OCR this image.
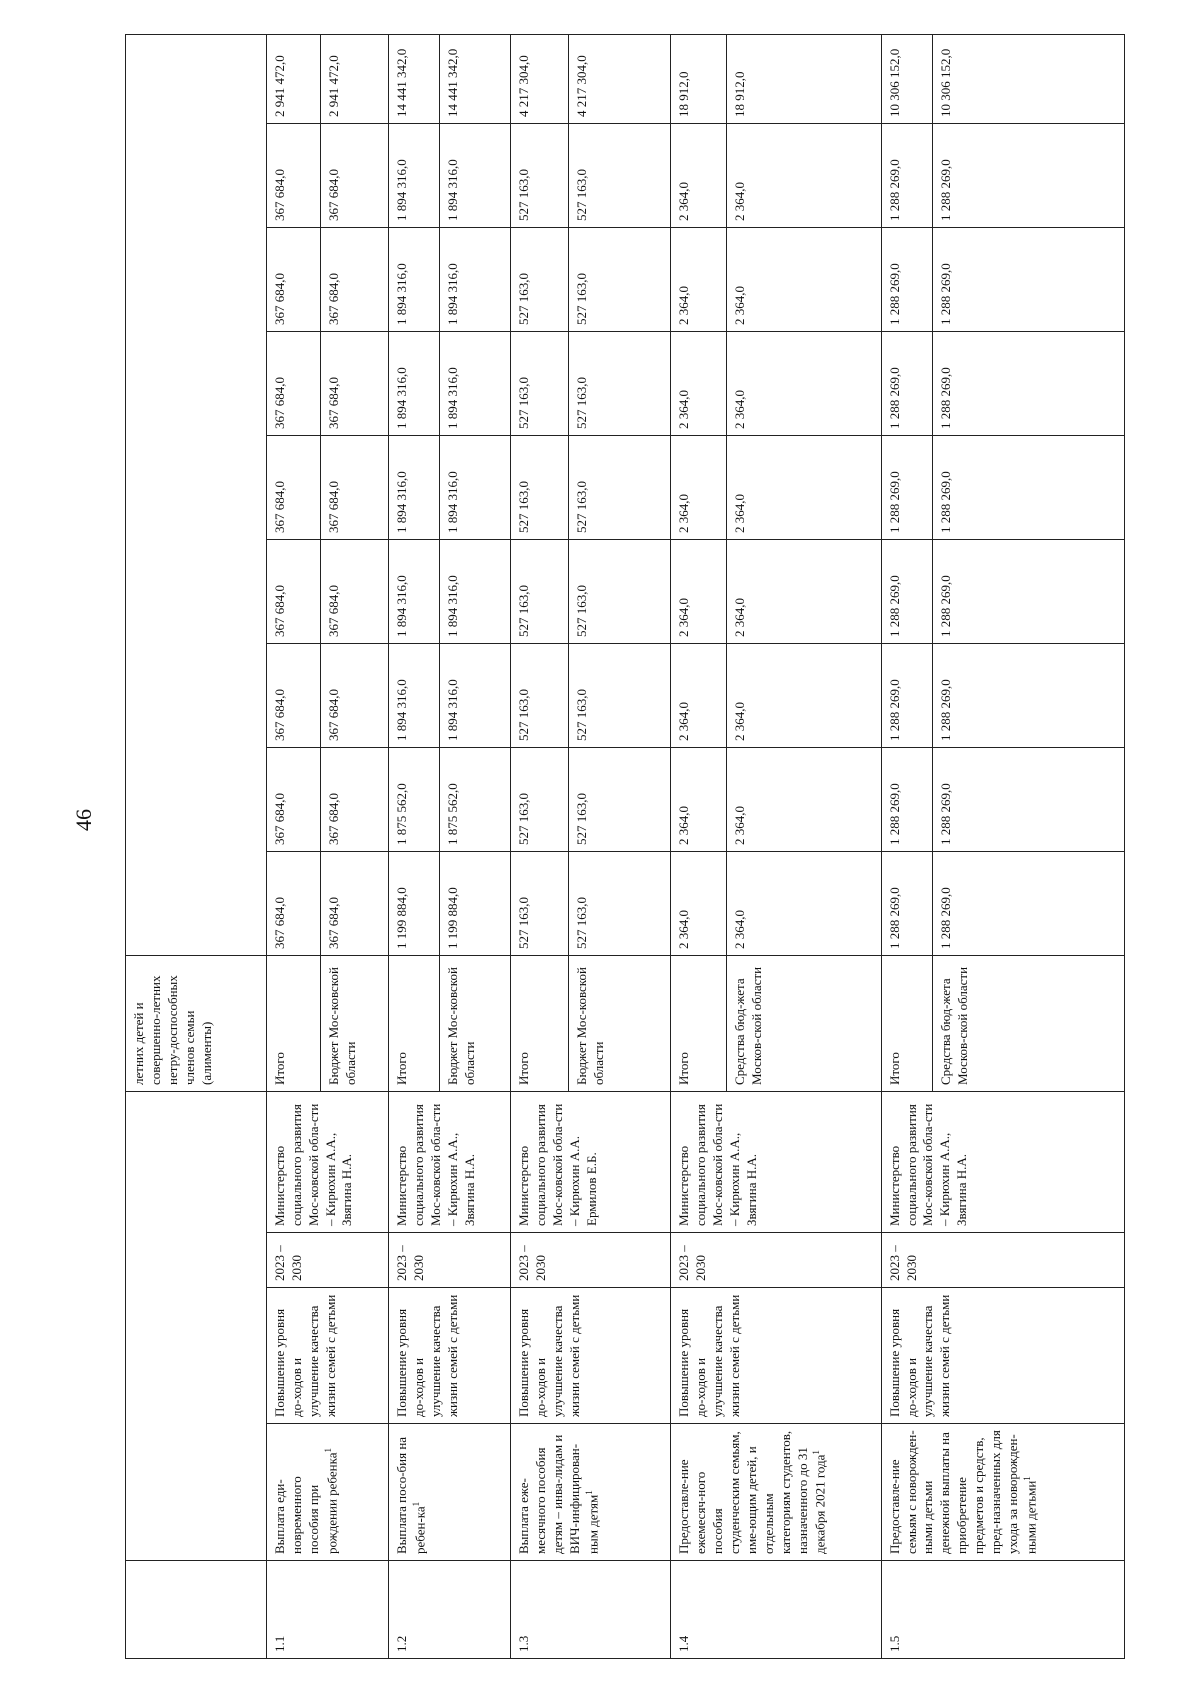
46
					летних детей и совершенно-летних нетру-доспособных членов семьи (алименты)									
1.1	Выплата еди-новременного пособия при рождении ребенка$^1$	Повышение уровня до-ходов и улучшение качества жизни семей с детьми	2023 – 2030	Министерство социального развития Мос-ковской обла-сти – Кирюхин А.А., Звягина Н.А.	Итого	367 684,0	367 684,0	367 684,0	367 684,0	367 684,0	367 684,0	367 684,0	367 684,0	2 941 472,0
					Бюджет Мос-ковской области	367 684,0	367 684,0	367 684,0	367 684,0	367 684,0	367 684,0	367 684,0	367 684,0	2 941 472,0
1.2	Выплата посо-бия на ребен-$ка^1$	Повышение уровня до-ходов и улучшение качества жизни семей с детьми	2023 – 2030	Министерство социального развития Мос-ковской обла-сти – Кирюхин А.А., Звягина Н.А.	Итого	1 199 884,0	1 875 562,0	1 894 316,0	1 894 316,0	1 894 316,0	1 894 316,0	1 894 316,0	1 894 316,0	14 441 342,0
					Бюджет Мос-ковской области	1 199 884,0	1 875 562,0	1 894 316,0	1 894 316,0	1 894 316,0	1 894 316,0	1 894 316,0	1 894 316,0	14 441 342,0
1.3	Выплата еже-месячного пособия детям – инва-лидам и ВИЧ-инфицирован-ным детям$^1$	Повышение уровня до-ходов и улучшение качества жизни семей с детьми	2023 – 2030	Министерство социального развития Мос-ковской обла-сти – Кирюхин А.А. Ермилов Е.Б.	Итого	527 163,0	527 163,0	527 163,0	527 163,0	527 163,0	527 163,0	527 163,0	527 163,0	4 217 304,0
					Бюджет Мос-ковской области	527 163,0	527 163,0	527 163,0	527 163,0	527 163,0	527 163,0	527 163,0	527 163,0	4 217 304,0
1.4	Предоставле-ние ежемесяч-ного пособия студенческим семьям, име-ющим детей, и отдельным категориям студентов, назначенного до 31 декабря 2021 года$^1$	Повышение уровня до-ходов и улучшение качества жизни семей с детьми	2023 – 2030	Министерство социального развития Мос-ковской обла-сти – Кирюхин А.А., Звягина Н.А.	Итого	2 364,0	2 364,0	2 364,0	2 364,0	2 364,0	2 364,0	2 364,0	2 364,0	18 912,0
					Средства бюд-жета Москов-ской области	2 364,0	2 364,0	2 364,0	2 364,0	2 364,0	2 364,0	2 364,0	2 364,0	18 912,0
1.5	Предоставле-ние семьям с новорожден-ными детьми денежной выплаты на приобретение предметов и средств, пред-назначенных для ухода за новорожден-ными детьми$^1$	Повышение уровня до-ходов и улучшение качества жизни семей с детьми	2023 – 2030	Министерство социального развития Мос-ковской обла-сти – Кирюхин А.А., Звягина Н.А.	Итого	1 288 269,0	1 288 269,0	1 288 269,0	1 288 269,0	1 288 269,0	1 288 269,0	1 288 269,0	1 288 269,0	10 306 152,0
					Средства бюд-жета Москов-ской области	1 288 269,0	1 288 269,0	1 288 269,0	1 288 269,0	1 288 269,0	1 288 269,0	1 288 269,0	1 288 269,0	10 306 152,0
